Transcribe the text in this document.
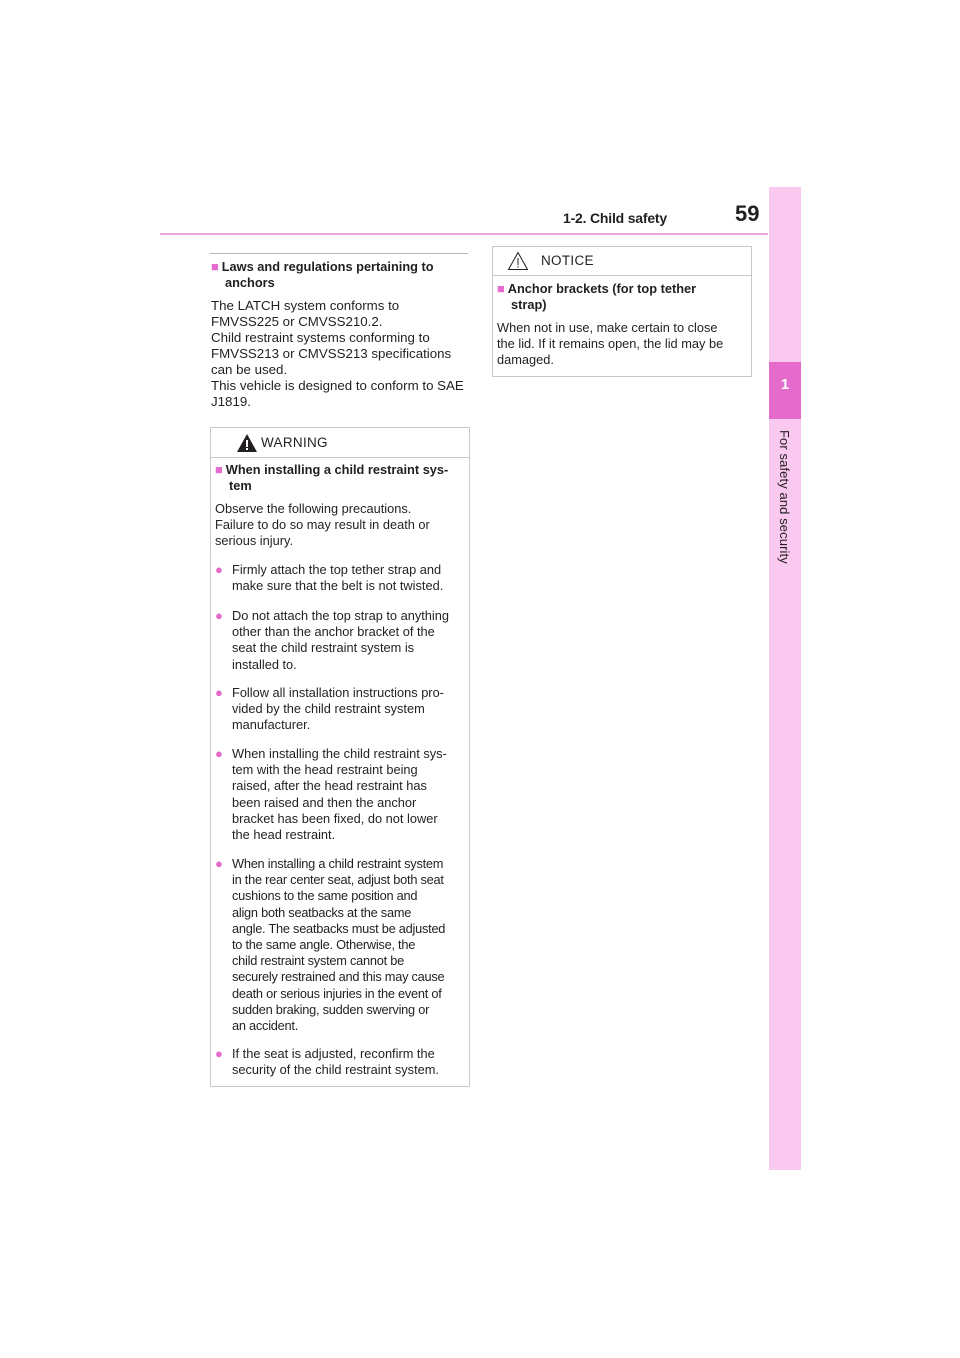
1-2. Child safety	59
1
For safety and security
■ Laws and regulations pertaining to
anchors
The LATCH system conforms to
FMVSS225 or CMVSS210.2.
Child restraint systems conforming to
FMVSS213 or CMVSS213 specifications
can be used.
This vehicle is designed to conform to SAE
J1819.
WARNING
■ When installing a child restraint sys-
tem
Observe the following precautions.
Failure to do so may result in death or
serious injury.
● Firmly attach the top tether strap and
make sure that the belt is not twisted.
● Do not attach the top strap to anything
other than the anchor bracket of the
seat the child restraint system is
installed to.
● Follow all installation instructions pro-
vided by the child restraint system
manufacturer.
● When installing the child restraint sys-
tem with the head restraint being
raised, after the head restraint has
been raised and then the anchor
bracket has been fixed, do not lower
the head restraint.
● When installing a child restraint system
in the rear center seat, adjust both seat
cushions to the same position and
align both seatbacks at the same
angle. The seatbacks must be adjusted
to the same angle. Otherwise, the
child restraint system cannot be
securely restrained and this may cause
death or serious injuries in the event of
sudden braking, sudden swerving or
an accident.
● If the seat is adjusted, reconfirm the
security of the child restraint system.
NOTICE
■ Anchor brackets (for top tether
strap)
When not in use, make certain to close
the lid. If it remains open, the lid may be
damaged.
